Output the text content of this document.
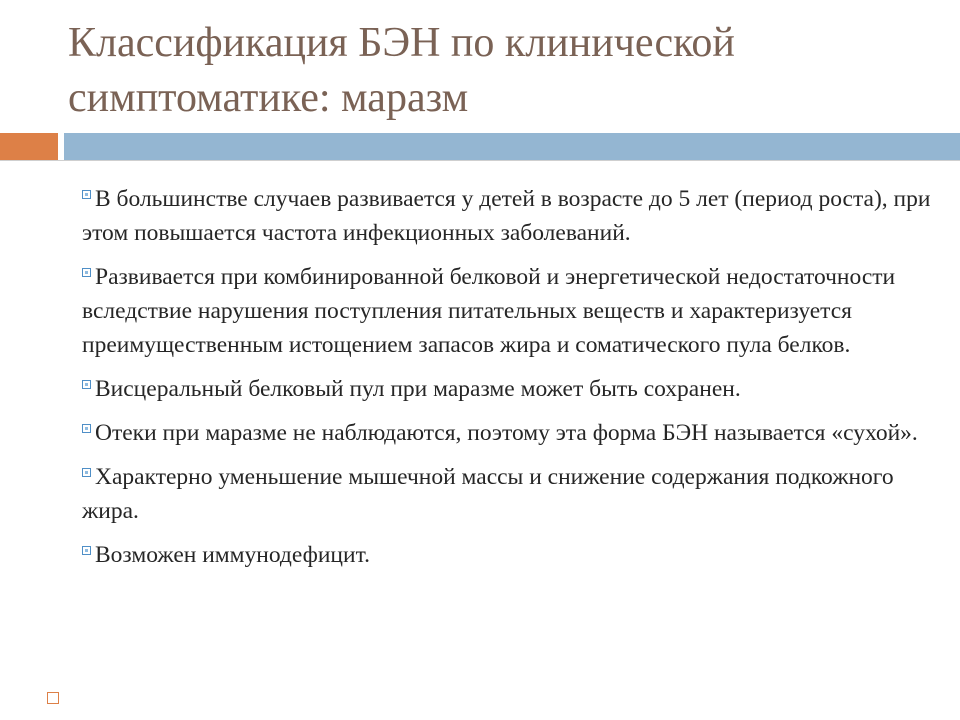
Классификация БЭН по клинической симптоматике: маразм
В большинстве случаев развивается у детей в возрасте до 5 лет (период роста), при этом повышается частота инфекционных заболеваний.
Развивается при комбинированной белковой и энергетической недостаточности вследствие нарушения поступления питательных веществ и характеризуется преимущественным истощением запасов жира и соматического пула белков.
Висцеральный белковый пул при маразме может быть сохранен.
Отеки при маразме не наблюдаются, поэтому эта форма БЭН называется «сухой».
Характерно уменьшение мышечной массы и снижение содержания подкожного жира.
Возможен иммунодефицит.
